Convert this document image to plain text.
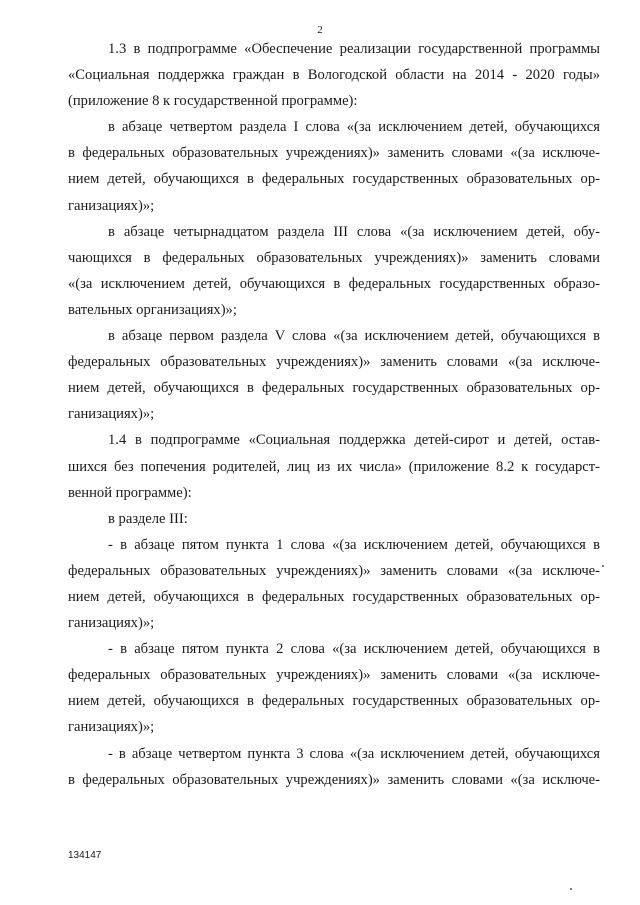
2
1.3 в подпрограмме «Обеспечение реализации государственной программы
«Социальная поддержка граждан в Вологодской области на 2014 - 2020 годы»
(приложение 8 к государственной программе):
в абзаце четвертом раздела I слова «(за исключением детей, обучающихся
в федеральных образовательных учреждениях)» заменить словами «(за исключе-
нием детей, обучающихся в федеральных государственных образовательных ор-
ганизациях)»;
в абзаце четырнадцатом раздела III слова «(за исключением детей, обу-
чающихся в федеральных образовательных учреждениях)» заменить словами
«(за исключением детей, обучающихся в федеральных государственных образо-
вательных организациях)»;
в абзаце первом раздела V слова «(за исключением детей, обучающихся в
федеральных образовательных учреждениях)» заменить словами «(за исключе-
нием детей, обучающихся в федеральных государственных образовательных ор-
ганизациях)»;
1.4 в подпрограмме «Социальная поддержка детей-сирот и детей, остав-
шихся без попечения родителей, лиц из их числа» (приложение 8.2 к государст-
венной программе):
в разделе III:
- в абзаце пятом пункта 1 слова «(за исключением детей, обучающихся в
федеральных образовательных учреждениях)» заменить словами «(за исключе-
нием детей, обучающихся в федеральных государственных образовательных ор-
ганизациях)»;
- в абзаце пятом пункта 2 слова «(за исключением детей, обучающихся в
федеральных образовательных учреждениях)» заменить словами «(за исключе-
нием детей, обучающихся в федеральных государственных образовательных ор-
ганизациях)»;
- в абзаце четвертом пункта 3 слова «(за исключением детей, обучающихся
в федеральных образовательных учреждениях)» заменить словами «(за исключе-
134147
